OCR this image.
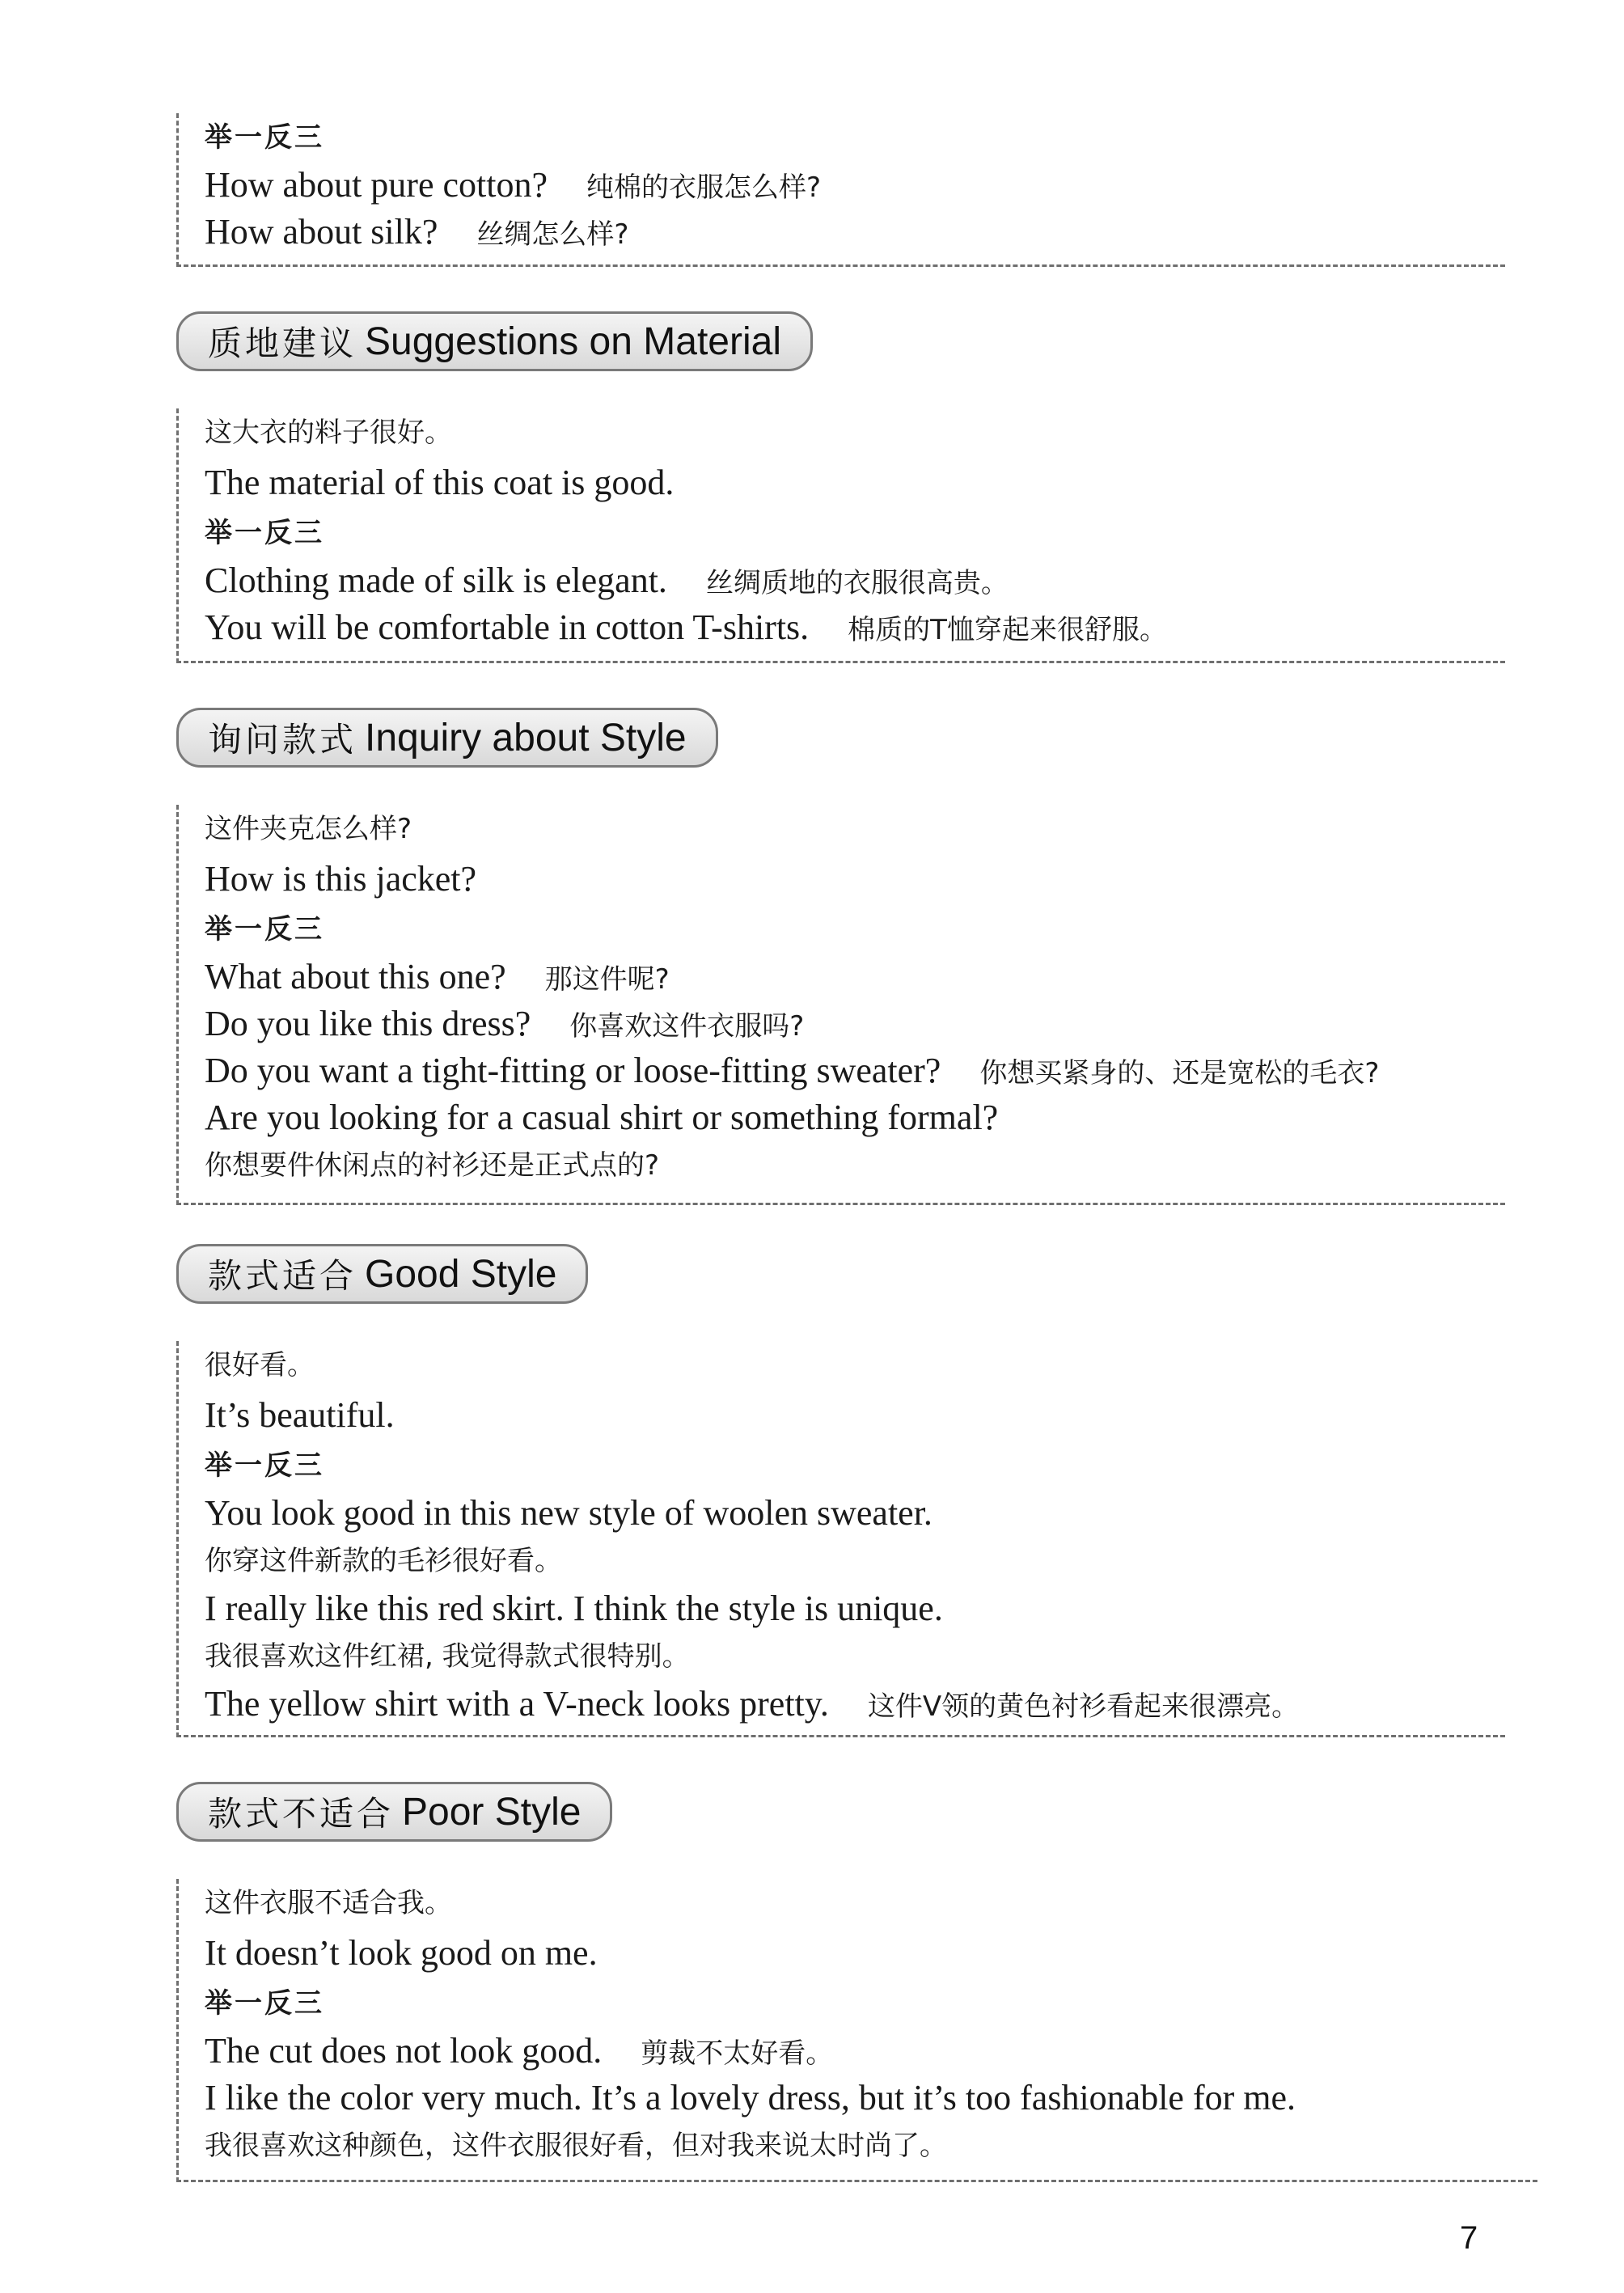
举一反三
How about pure cotton? 纯棉的衣服怎么样?
How about silk? 丝绸怎么样?
质地建议 Suggestions on Material
这大衣的料子很好。
The material of this coat is good.
举一反三
Clothing made of silk is elegant. 丝绸质地的衣服很高贵。
You will be comfortable in cotton T-shirts. 棉质的T恤穿起来很舒服。
询问款式 Inquiry about Style
这件夹克怎么样?
How is this jacket?
举一反三
What about this one? 那这件呢?
Do you like this dress? 你喜欢这件衣服吗?
Do you want a tight-fitting or loose-fitting sweater? 你想买紧身的、还是宽松的毛衣?
Are you looking for a casual shirt or something formal?
你想要件休闲点的衬衫还是正式点的?
款式适合 Good Style
很好看。
It’s beautiful.
举一反三
You look good in this new style of woolen sweater.
你穿这件新款的毛衫很好看。
I really like this red skirt. I think the style is unique.
我很喜欢这件红裙, 我觉得款式很特别。
The yellow shirt with a V-neck looks pretty. 这件V领的黄色衬衫看起来很漂亮。
款式不适合 Poor Style
这件衣服不适合我。
It doesn’t look good on me.
举一反三
The cut does not look good. 剪裁不太好看。
I like the color very much. It’s a lovely dress, but it’s too fashionable for me.
我很喜欢这种颜色，这件衣服很好看，但对我来说太时尚了。
7
